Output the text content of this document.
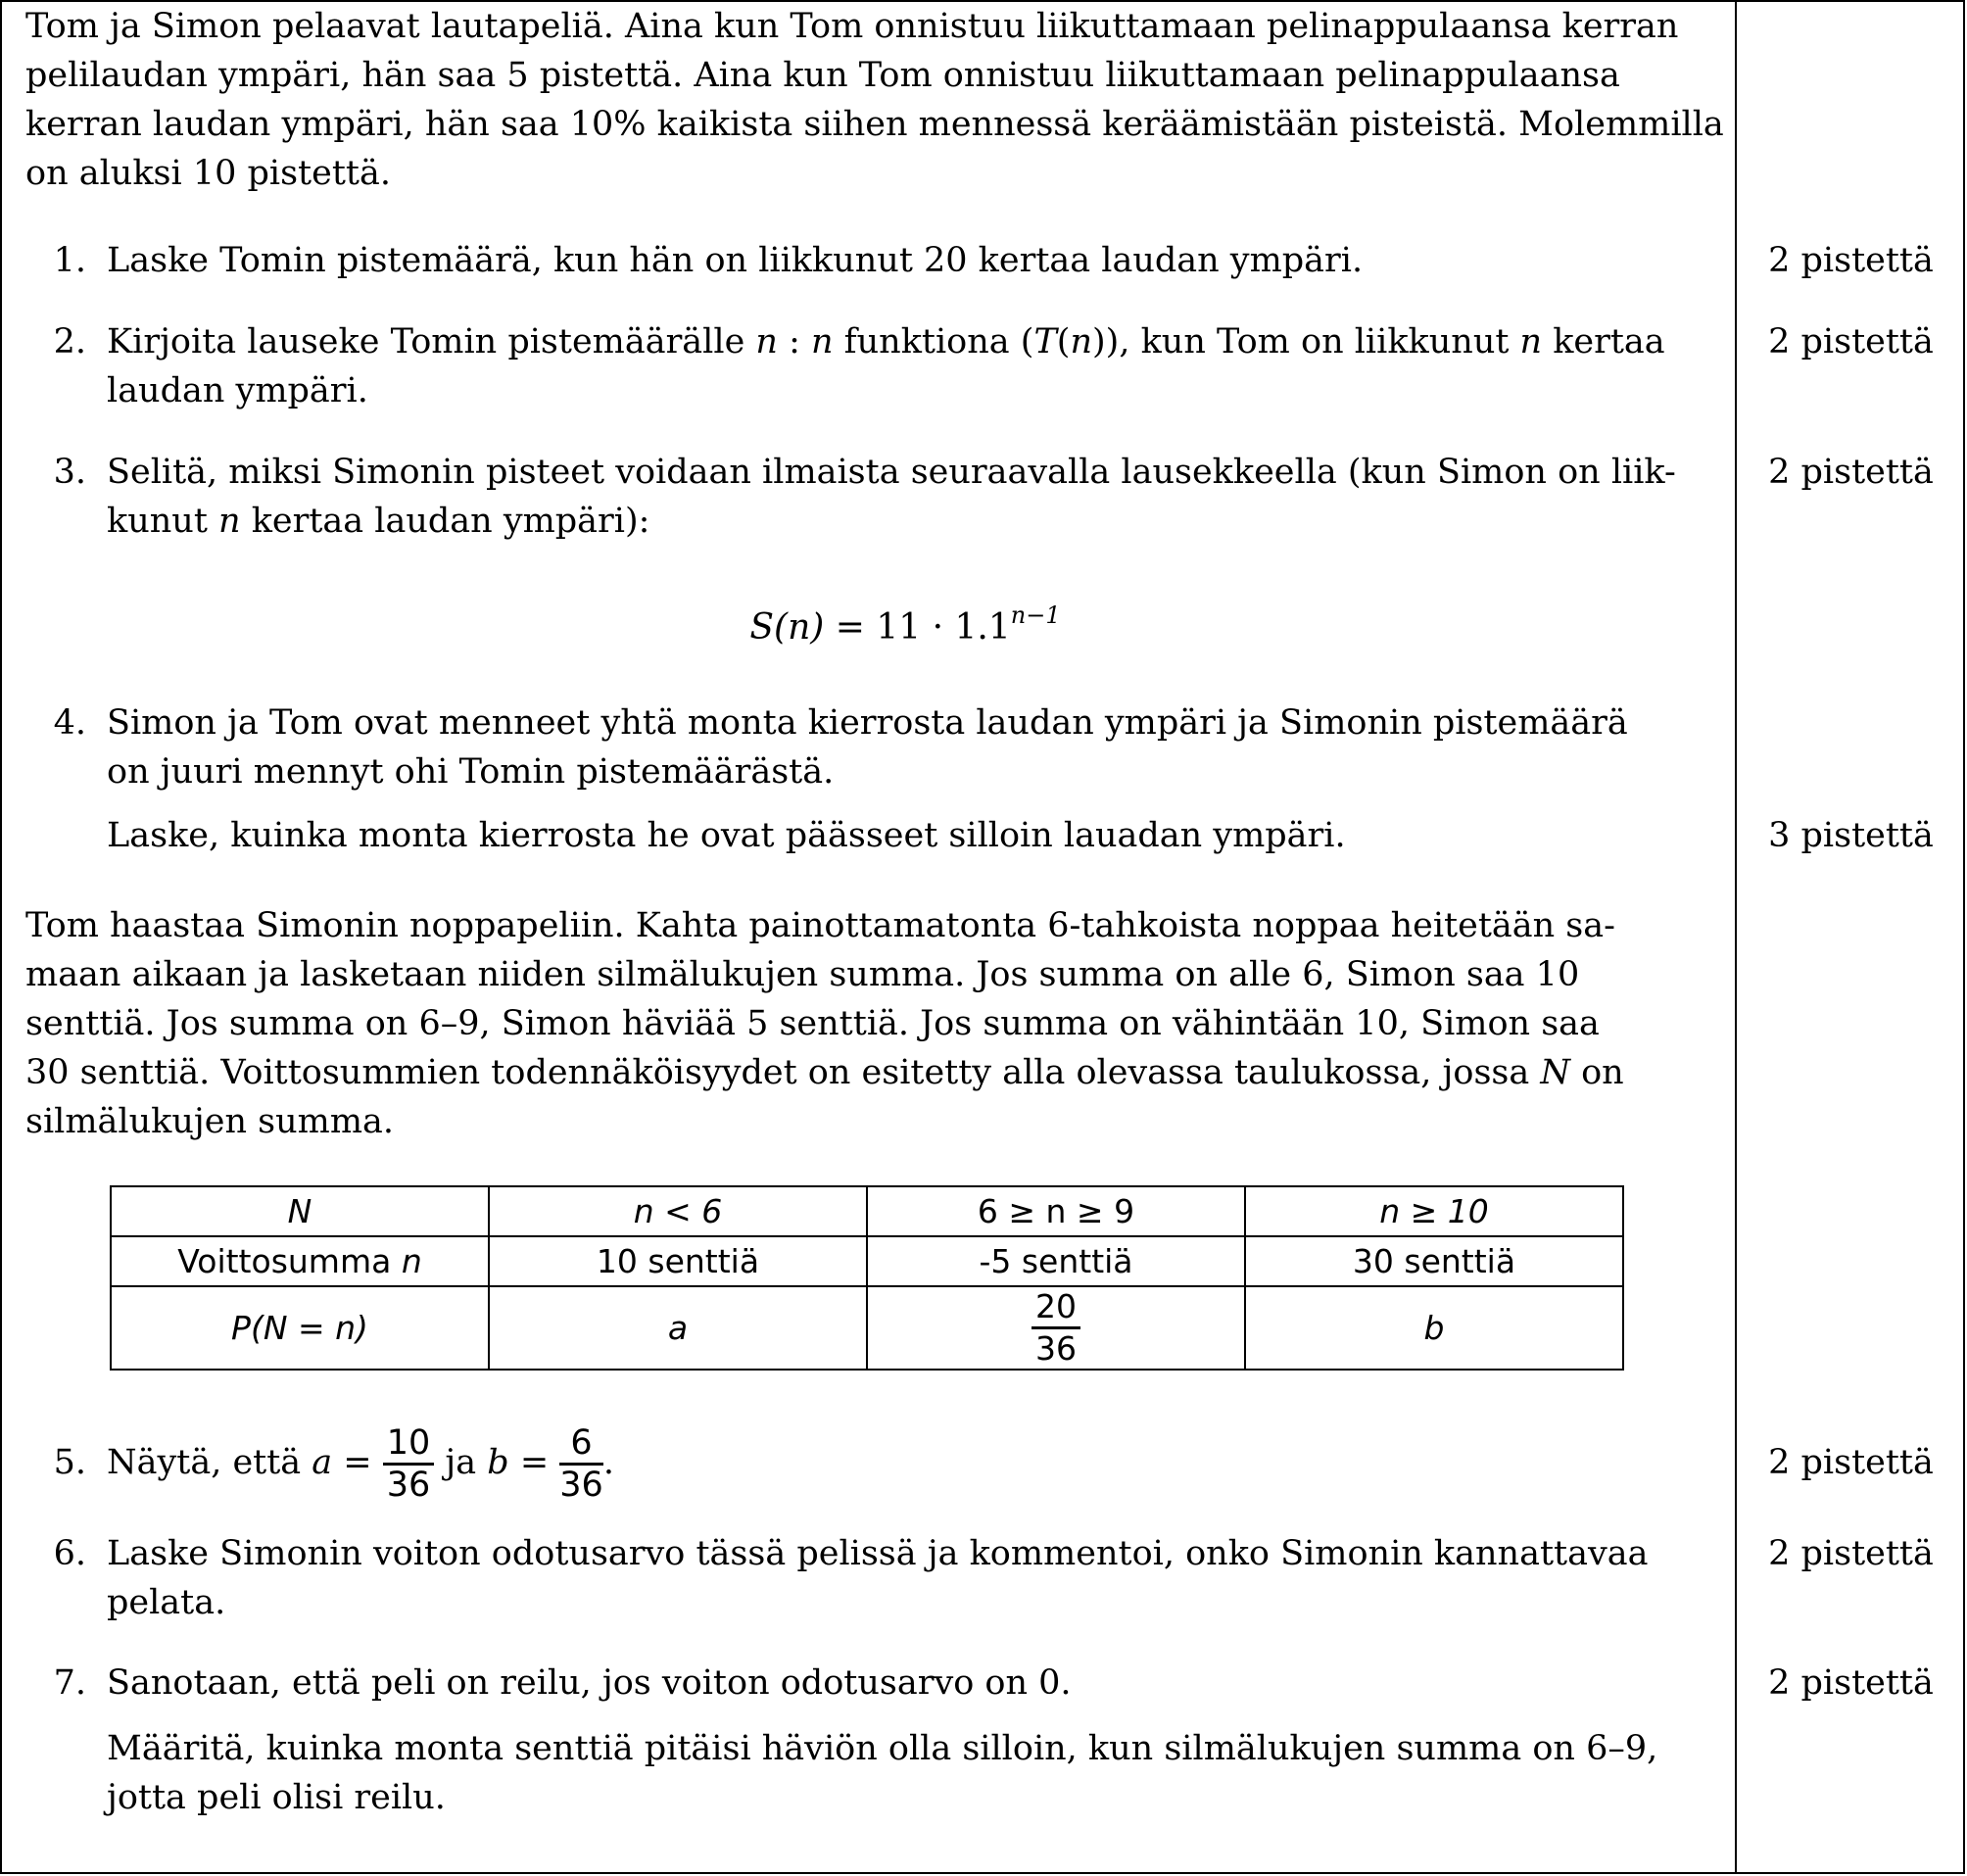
Tom ja Simon pelaavat lautapeliä. Aina kun Tom onnistuu liikuttamaan pelinappulaansa kerran
pelilaudan ympäri, hän saa 5 pistettä. Aina kun Tom onnistuu liikuttamaan pelinappulaansa
kerran laudan ympäri, hän saa 10% kaikista siihen mennessä keräämistään pisteistä. Molemmilla
on aluksi 10 pistettä.
1. Laske Tomin pistemäärä, kun hän on liikkunut 20 kertaa laudan ympäri.	2 pistettä
2. Kirjoita lauseke Tomin pistemäärälle n : n funktiona (T(n)), kun Tom on liikkunut n kertaa
laudan ympäri.
2 pistettä
3. Selitä, miksi Simonin pisteet voidaan ilmaista seuraavalla lausekkeella (kun Simon on liik-
kunut n kertaa laudan ympäri):
$S(n) = 11 \cdot 1.1^{n-1}$
2 pistettä
4. Simon ja Tom ovat menneet yhtä monta kierrosta laudan ympäri ja Simonin pistemäärä
on juuri mennyt ohi Tomin pistemäärästä.
Laske, kuinka monta kierrosta he ovat päässeet silloin lauadan ympäri.	3 pistettä
Tom haastaa Simonin noppapeliin. Kahta painottamatonta 6-tahkoista noppaa heitetään sa-
maan aikaan ja lasketaan niiden silmälukujen summa. Jos summa on alle 6, Simon saa 10
senttiä. Jos summa on 6–9, Simon häviää 5 senttiä. Jos summa on vähintään 10, Simon saa
30 senttiä. Voittosummien todennäköisyydet on esitetty alla olevassa taulukossa, jossa N on
silmälukujen summa.
N	n < 6	6 ≥ n ≥ 9	n ≥ 10
Voittosumma n	10 senttiä	-5 senttiä	30 senttiä
P(N = n)	a	$\frac{20}{36}$	b
5. Näytä, että $a = \frac{10}{36}$ ja $b = \frac{6}{36}$ .	2 pistettä
6. Laske Simonin voiton odotusarvo tässä pelissä ja kommentoi, onko Simonin kannattavaa
pelata.
2 pistettä
7. Sanotaan, että peli on reilu, jos voiton odotusarvo on 0.
Määritä, kuinka monta senttiä pitäisi häviön olla silloin, kun silmälukujen summa on 6–9,
jotta peli olisi reilu.
2 pistettä
